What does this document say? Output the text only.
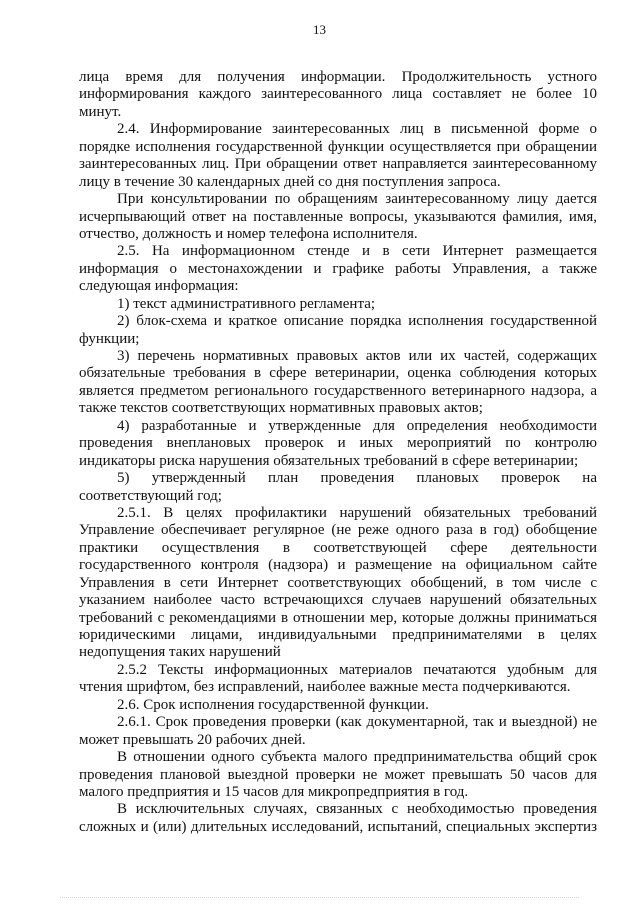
13
лица время для получения информации. Продолжительность устного
информирования каждого заинтересованного лица составляет не более 10
минут.
2.4. Информирование заинтересованных лиц в письменной форме о
порядке исполнения государственной функции осуществляется при обращении
заинтересованных лиц. При обращении ответ направляется заинтересованному
лицу в течение 30 календарных дней со дня поступления запроса.
При консультировании по обращениям заинтересованному лицу дается
исчерпывающий ответ на поставленные вопросы, указываются фамилия, имя,
отчество, должность и номер телефона исполнителя.
2.5. На информационном стенде и в сети Интернет размещается
информация о местонахождении и графике работы Управления, а также
следующая информация:
1) текст административного регламента;
2) блок-схема и краткое описание порядка исполнения государственной
функции;
3) перечень нормативных правовых актов или их частей, содержащих
обязательные требования в сфере ветеринарии, оценка соблюдения которых
является предметом регионального государственного ветеринарного надзора, а
также текстов соответствующих нормативных правовых актов;
4) разработанные и утвержденные для определения необходимости
проведения внеплановых проверок и иных мероприятий по контролю
индикаторы риска нарушения обязательных требований в сфере ветеринарии;
5) утвержденный план проведения плановых проверок на
соответствующий год;
2.5.1. В целях профилактики нарушений обязательных требований
Управление обеспечивает регулярное (не реже одного раза в год) обобщение
практики осуществления в соответствующей сфере деятельности
государственного контроля (надзора) и размещение на официальном сайте
Управления в сети Интернет соответствующих обобщений, в том числе с
указанием наиболее часто встречающихся случаев нарушений обязательных
требований с рекомендациями в отношении мер, которые должны приниматься
юридическими лицами, индивидуальными предпринимателями в целях
недопущения таких нарушений
2.5.2 Тексты информационных материалов печатаются удобным для
чтения шрифтом, без исправлений, наиболее важные места подчеркиваются.
2.6. Срок исполнения государственной функции.
2.6.1. Срок проведения проверки (как документарной, так и выездной) не
может превышать 20 рабочих дней.
В отношении одного субъекта малого предпринимательства общий срок
проведения плановой выездной проверки не может превышать 50 часов для
малого предприятия и 15 часов для микропредприятия в год.
В исключительных случаях, связанных с необходимостью проведения
сложных и (или) длительных исследований, испытаний, специальных экспертиз
